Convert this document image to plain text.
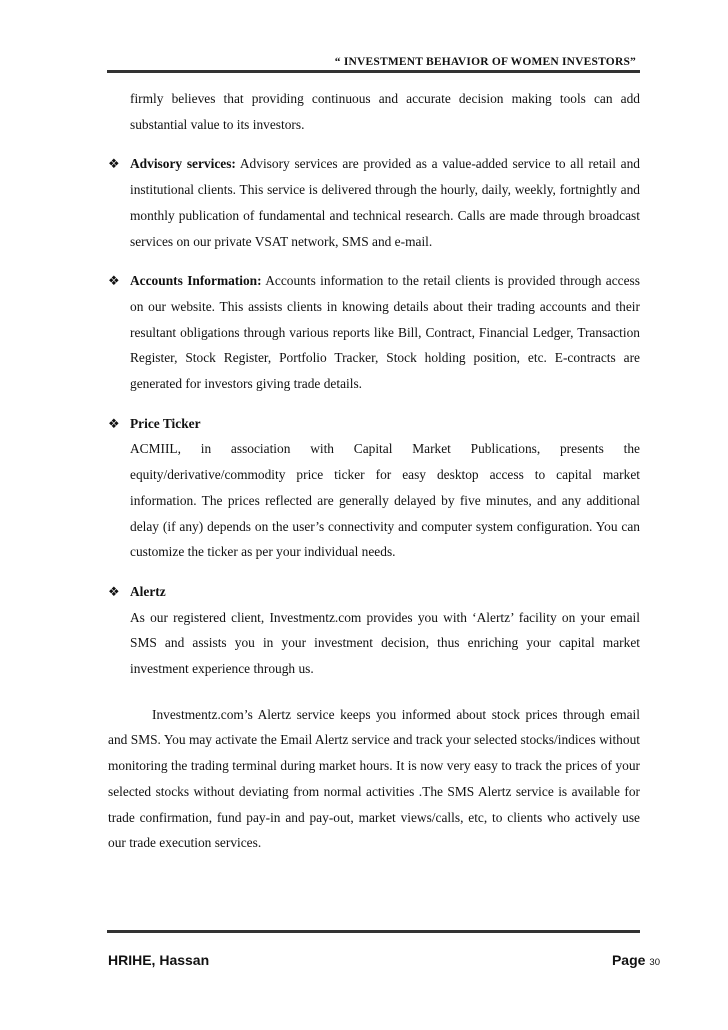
“ INVESTMENT BEHAVIOR OF WOMEN INVESTORS”

firmly believes that providing continuous and accurate decision making tools can add substantial value to its investors.

❖ Advisory services: Advisory services are provided as a value-added service to all retail and institutional clients. This service is delivered through the hourly, daily, weekly, fortnightly and monthly publication of fundamental and technical research. Calls are made through broadcast services on our private VSAT network, SMS and e-mail.

❖ Accounts Information: Accounts information to the retail clients is provided through access on our website. This assists clients in knowing details about their trading accounts and their resultant obligations through various reports like Bill, Contract, Financial Ledger, Transaction Register, Stock Register, Portfolio Tracker, Stock holding position, etc. E-contracts are generated for investors giving trade details.

❖ Price Ticker

ACMIIL, in association with Capital Market Publications, presents the equity/derivative/commodity price ticker for easy desktop access to capital market information. The prices reflected are generally delayed by five minutes, and any additional delay (if any) depends on the user’s connectivity and computer system configuration. You can customize the ticker as per your individual needs.

❖ Alertz

As our registered client, Investmentz.com provides you with ‘Alertz’ facility on your email SMS and assists you in your investment decision, thus enriching your capital market investment experience through us.

Investmentz.com’s Alertz service keeps you informed about stock prices through email and SMS. You may activate the Email Alertz service and track your selected stocks/indices without monitoring the trading terminal during market hours. It is now very easy to track the prices of your selected stocks without deviating from normal activities .The SMS Alertz service is available for trade confirmation, fund pay-in and pay-out, market views/calls, etc, to clients who actively use our trade execution services.

HRIHE, Hassan	Page 30
